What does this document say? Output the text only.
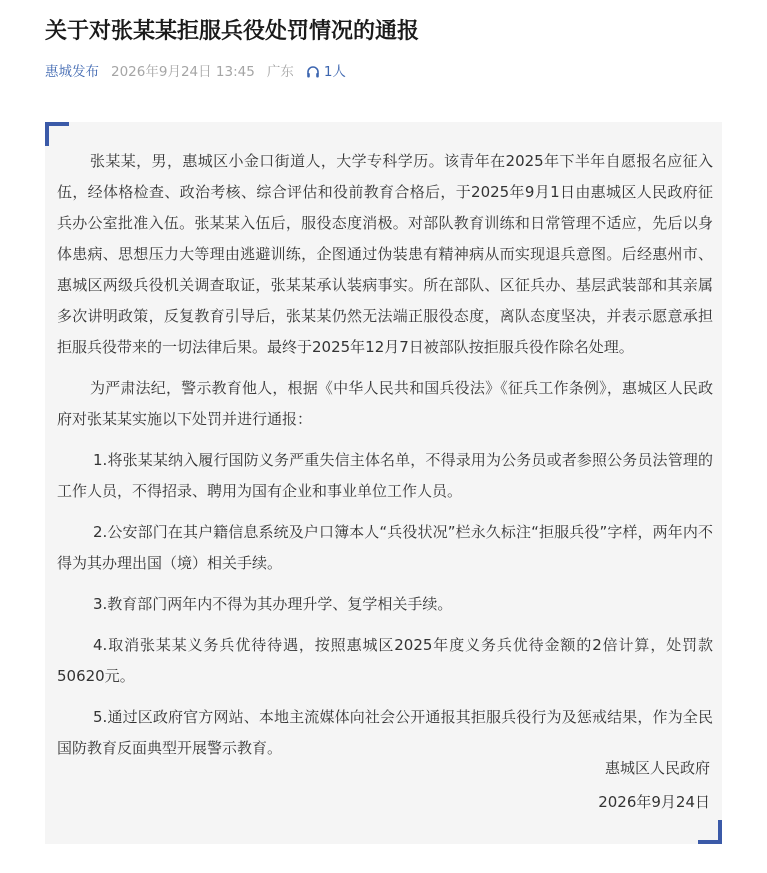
关于对张某某拒服兵役处罚情况的通报
惠城发布 2026年9月24日 13:45 广东 1人

张某某，男，惠城区小金口街道人，大学专科学历。该青年在2025年下半年自愿报名应征入伍，经体格检查、政治考核、综合评估和役前教育合格后，于2025年9月1日由惠城区人民政府征兵办公室批准入伍。张某某入伍后，服役态度消极。对部队教育训练和日常管理不适应，先后以身体患病、思想压力大等理由逃避训练，企图通过伪装患有精神病从而实现退兵意图。后经惠州市、惠城区两级兵役机关调查取证，张某某承认装病事实。所在部队、区征兵办、基层武装部和其亲属多次讲明政策，反复教育引导后，张某某仍然无法端正服役态度，离队态度坚决，并表示愿意承担拒服兵役带来的一切法律后果。最终于2025年12月7日被部队按拒服兵役作除名处理。

为严肃法纪，警示教育他人，根据《中华人民共和国兵役法》《征兵工作条例》，惠城区人民政府对张某某实施以下处罚并进行通报：

1.将张某某纳入履行国防义务严重失信主体名单，不得录用为公务员或者参照公务员法管理的工作人员，不得招录、聘用为国有企业和事业单位工作人员。

2.公安部门在其户籍信息系统及户口簿本人“兵役状况”栏永久标注“拒服兵役”字样，两年内不得为其办理出国（境）相关手续。

3.教育部门两年内不得为其办理升学、复学相关手续。

4.取消张某某义务兵优待待遇，按照惠城区2025年度义务兵优待金额的2倍计算，处罚款50620元。

5.通过区政府官方网站、本地主流媒体向社会公开通报其拒服兵役行为及惩戒结果，作为全民国防教育反面典型开展警示教育。

惠城区人民政府
2026年9月24日
